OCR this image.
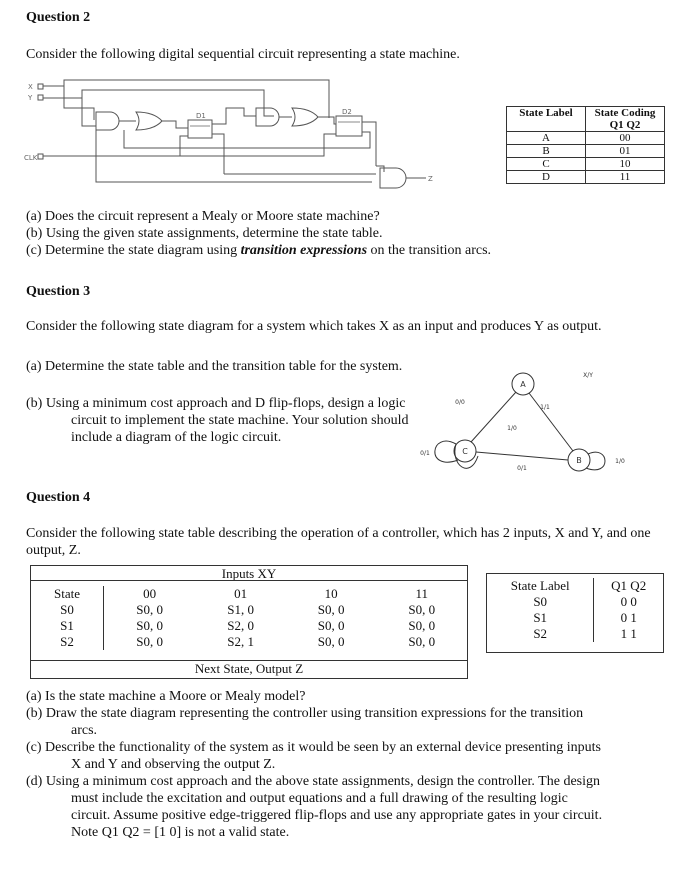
Question 2
Consider the following digital sequential circuit representing a state machine.
X
Y
CLK
D1	D2
Z
State Label	State Coding
Q1 Q2

A	00
B	01
C	10
D	11
(a) Does the circuit represent a Mealy or Moore state machine?
(b) Using the given state assignments, determine the state table.
(c) Determine the state diagram using transition expressions on the transition arcs.
Question 3
Consider the following state diagram for a system which takes X as an input and produces Y as output.
(a) Determine the state table and the transition table for the system.
(b) Using a minimum cost approach and D flip-flops, design a logic circuit to implement the state machine. Your solution should include a diagram of the logic circuit.
A
B
C
X/Y
0/1
0/0
1/1
1/0
0/1
1/0
Question 4
Consider the following state table describing the operation of a controller, which has 2 inputs, X and Y, and one output, Z.
Inputs XY
State	00	01	10	11
S0	S0, 0	S1, 0	S0, 0	S0, 0
S1	S0, 0	S2, 0	S0, 0	S0, 0
S2	S0, 0	S2, 1	S0, 0	S0, 0
Next State, Output Z
State Label	Q1 Q2
S0	0 0
S1	0 1
S2	1 1
(a) Is the state machine a Moore or Mealy model?
(b) Draw the state diagram representing the controller using transition expressions for the transition arcs.
(c) Describe the functionality of the system as it would be seen by an external device presenting inputs X and Y and observing the output Z.
(d) Using a minimum cost approach and the above state assignments, design the controller. The design must include the excitation and output equations and a full drawing of the resulting logic circuit. Assume positive edge-triggered flip-flops and use any appropriate gates in your circuit. Note Q1 Q2 = [1 0] is not a valid state.
